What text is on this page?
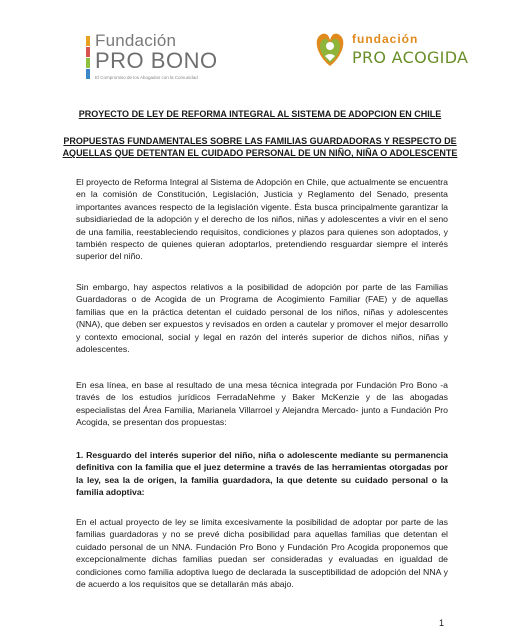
Fundación
PRO BONO
El Compromiso de los Abogados con la Comunidad
fundación
PRO ACOGIDA
PROYECTO DE LEY DE REFORMA INTEGRAL AL SISTEMA DE ADOPCION EN CHILE
PROPUESTAS FUNDAMENTALES SOBRE LAS FAMILIAS GUARDADORAS Y RESPECTO DE AQUELLAS QUE DETENTAN EL CUIDADO PERSONAL DE UN NIÑO, NIÑA O ADOLESCENTE
El proyecto de Reforma Integral al Sistema de Adopción en Chile, que actualmente se encuentra en la comisión de Constitución, Legislación, Justicia y Reglamento del Senado, presenta importantes avances respecto de la legislación vigente. Ésta busca principalmente garantizar la subsidiariedad de la adopción y el derecho de los niños, niñas y adolescentes a vivir en el seno de una familia, reestableciendo requisitos, condiciones y plazos para quienes son adoptados, y también respecto de quienes quieran adoptarlos, pretendiendo resguardar siempre el interés superior del niño.
Sin embargo, hay aspectos relativos a la posibilidad de adopción por parte de las Familias Guardadoras o de Acogida de un Programa de Acogimiento Familiar (FAE) y de aquellas familias que en la práctica detentan el cuidado personal de los niños, niñas y adolescentes (NNA), que deben ser expuestos y revisados en orden a cautelar y promover el mejor desarrollo y contexto emocional, social y legal en razón del interés superior de dichos niños, niñas y adolescentes.
En esa línea, en base al resultado de una mesa técnica integrada por Fundación Pro Bono -a través de los estudios jurídicos FerradaNehme y Baker McKenzie y de las abogadas especialistas del Área Familia, Marianela Villarroel y Alejandra Mercado- junto a Fundación Pro Acogida, se presentan dos propuestas:
1. Resguardo del interés superior del niño, niña o adolescente mediante su permanencia definitiva con la familia que el juez determine a través de las herramientas otorgadas por la ley, sea la de origen, la familia guardadora, la que detente su cuidado personal o la familia adoptiva:
En el actual proyecto de ley se limita excesivamente la posibilidad de adoptar por parte de las familias guardadoras y no se prevé dicha posibilidad para aquellas familias que detentan el cuidado personal de un NNA. Fundación Pro Bono y Fundación Pro Acogida proponemos que excepcionalmente dichas familias puedan ser consideradas y evaluadas en igualdad de condiciones como familia adoptiva luego de declarada la susceptibilidad de adopción del NNA y de acuerdo a los requisitos que se detallarán más abajo.
1
